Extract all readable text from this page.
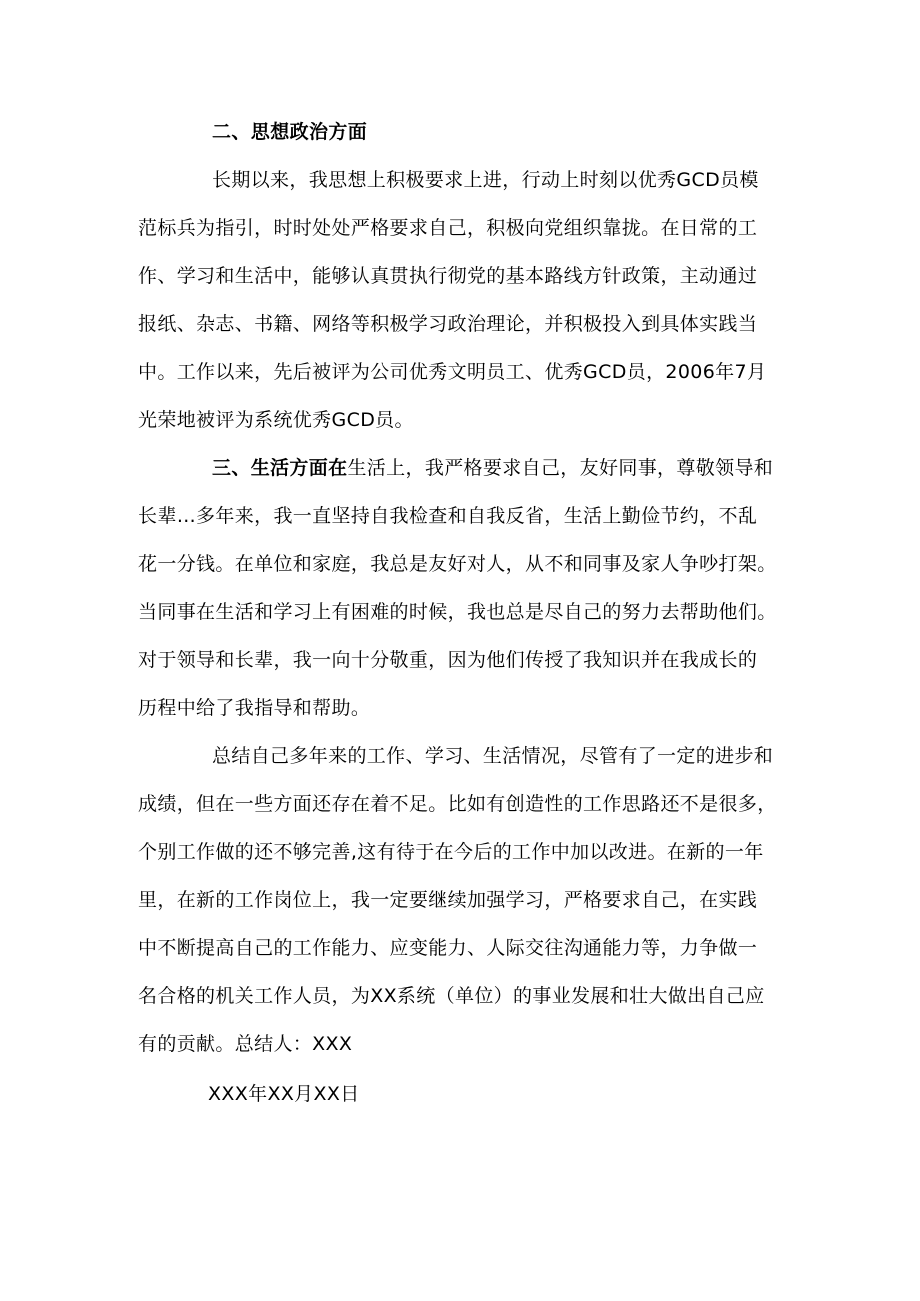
二、思想政治方面
长期以来，我思想上积极要求上进，行动上时刻以优秀GCD员模
范标兵为指引，时时处处严格要求自己，积极向党组织靠拢。在日常的工
作、学习和生活中，能够认真贯执行彻党的基本路线方针政策，主动通过
报纸、杂志、书籍、网络等积极学习政治理论，并积极投入到具体实践当
中。工作以来，先后被评为公司优秀文明员工、优秀GCD员，2006年7月
光荣地被评为系统优秀GCD员。
三、生活方面在生活上，我严格要求自己，友好同事，尊敬领导和
长辈…多年来，我一直坚持自我检查和自我反省，生活上勤俭节约，不乱
花一分钱。在单位和家庭，我总是友好对人，从不和同事及家人争吵打架。
当同事在生活和学习上有困难的时候，我也总是尽自己的努力去帮助他们。
对于领导和长辈，我一向十分敬重，因为他们传授了我知识并在我成长的
历程中给了我指导和帮助。
总结自己多年来的工作、学习、生活情况，尽管有了一定的进步和
成绩，但在一些方面还存在着不足。比如有创造性的工作思路还不是很多，
个别工作做的还不够完善,这有待于在今后的工作中加以改进。在新的一年
里，在新的工作岗位上，我一定要继续加强学习，严格要求自己，在实践
中不断提高自己的工作能力、应变能力、人际交往沟通能力等，力争做一
名合格的机关工作人员，为XX系统（单位）的事业发展和壮大做出自己应
有的贡献。总结人：XXX
XXX年XX月XX日
